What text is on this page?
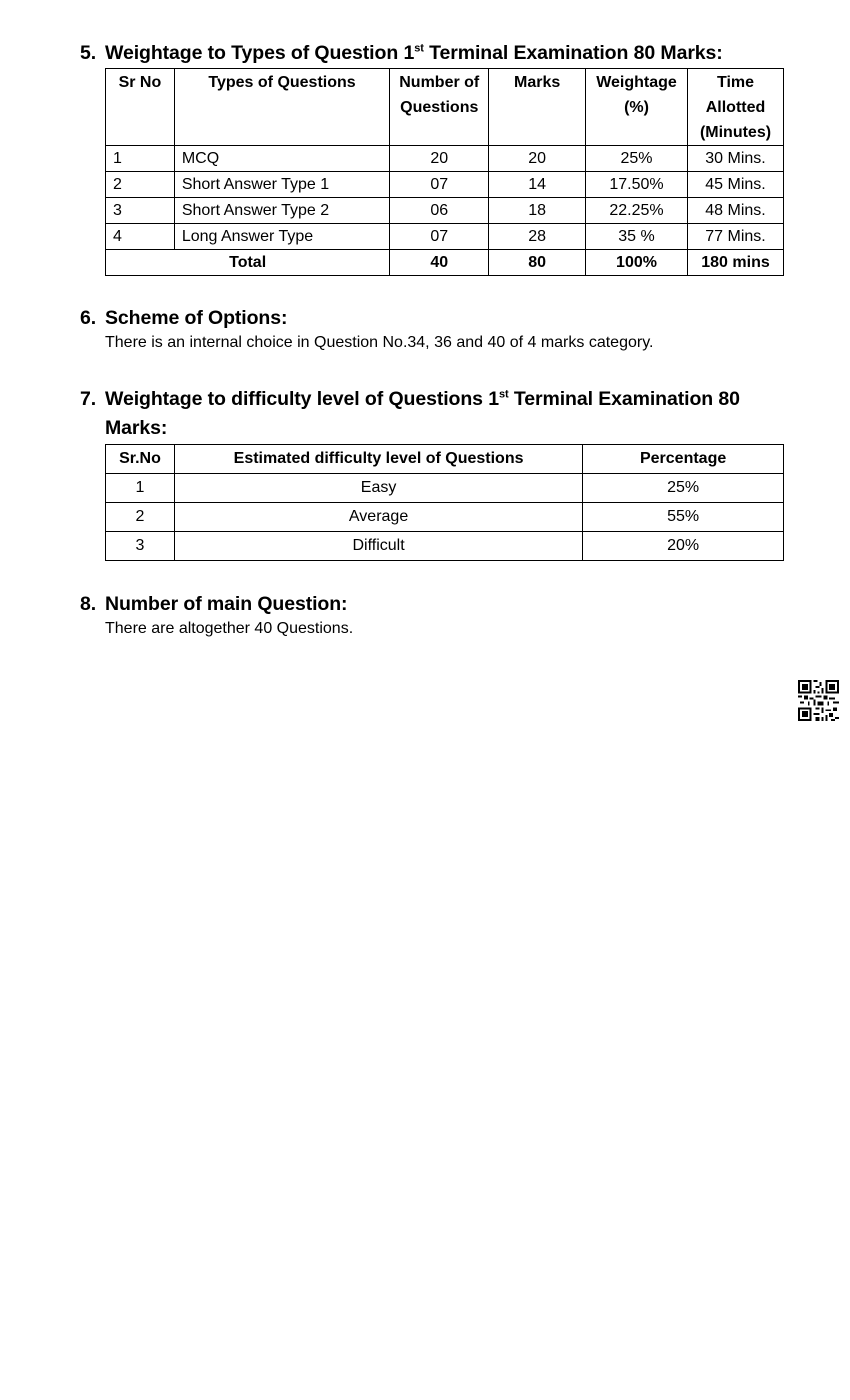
5. Weightage to Types of Question 1st Terminal Examination 80 Marks:
Sr No	Types of Questions	Number of Questions	Marks	Weightage (%)	Time Allotted (Minutes)
1	MCQ	20	20	25%	30 Mins.
2	Short Answer Type 1	07	14	17.50%	45 Mins.
3	Short Answer Type 2	06	18	22.25%	48 Mins.
4	Long Answer Type	07	28	35 %	77 Mins.
Total		40	80	100%	180 mins
6. Scheme of Options:
There is an internal choice in Question No.34, 36 and 40 of 4 marks category.
7. Weightage to difficulty level of Questions 1st Terminal Examination 80
Marks:
Sr.No	Estimated difficulty level of Questions	Percentage
1	Easy	25%
2	Average	55%
3	Difficult	20%
8. Number of main Question:
There are altogether 40 Questions.
